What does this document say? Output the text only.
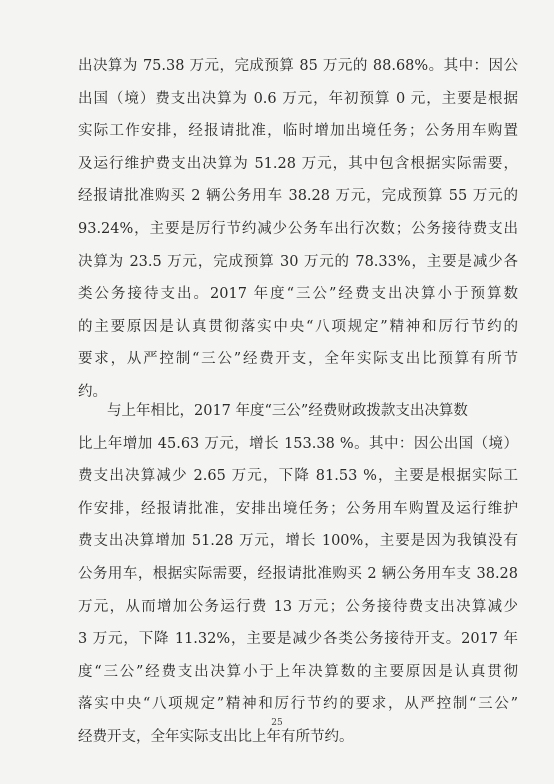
出决算为 75.38 万元，完成预算 85 万元的 88.68%。其中：因公
出国（境）费支出决算为 0.6 万元，年初预算 0 元，主要是根据
实际工作安排，经报请批准，临时增加出境任务；公务用车购置
及运行维护费支出决算为 51.28 万元，其中包含根据实际需要，
经报请批准购买 2 辆公务用车 38.28 万元，完成预算 55 万元的
93.24%，主要是厉行节约减少公务车出行次数；公务接待费支出
决算为 23.5 万元，完成预算 30 万元的 78.33%，主要是减少各
类公务接待支出。2017 年度“三公”经费支出决算小于预算数
的主要原因是认真贯彻落实中央“八项规定”精神和厉行节约的
要求，从严控制“三公”经费开支，全年实际支出比预算有所节
约。
与上年相比，2017 年度“三公”经费财政拨款支出决算数
比上年增加 45.63 万元，增长 153.38 %。其中：因公出国（境）
费支出决算减少 2.65 万元，下降 81.53 %，主要是根据实际工
作安排，经报请批准，安排出境任务；公务用车购置及运行维护
费支出决算增加 51.28 万元，增长 100%，主要是因为我镇没有
公务用车，根据实际需要，经报请批准购买 2 辆公务用车支 38.28
万元，从而增加公务运行费 13 万元；公务接待费支出决算减少
3 万元，下降 11.32%，主要是减少各类公务接待开支。2017 年
度“三公”经费支出决算小于上年决算数的主要原因是认真贯彻
落实中央“八项规定”精神和厉行节约的要求，从严控制“三公”
经费开支，全年实际支出比上年有所节约。
25
